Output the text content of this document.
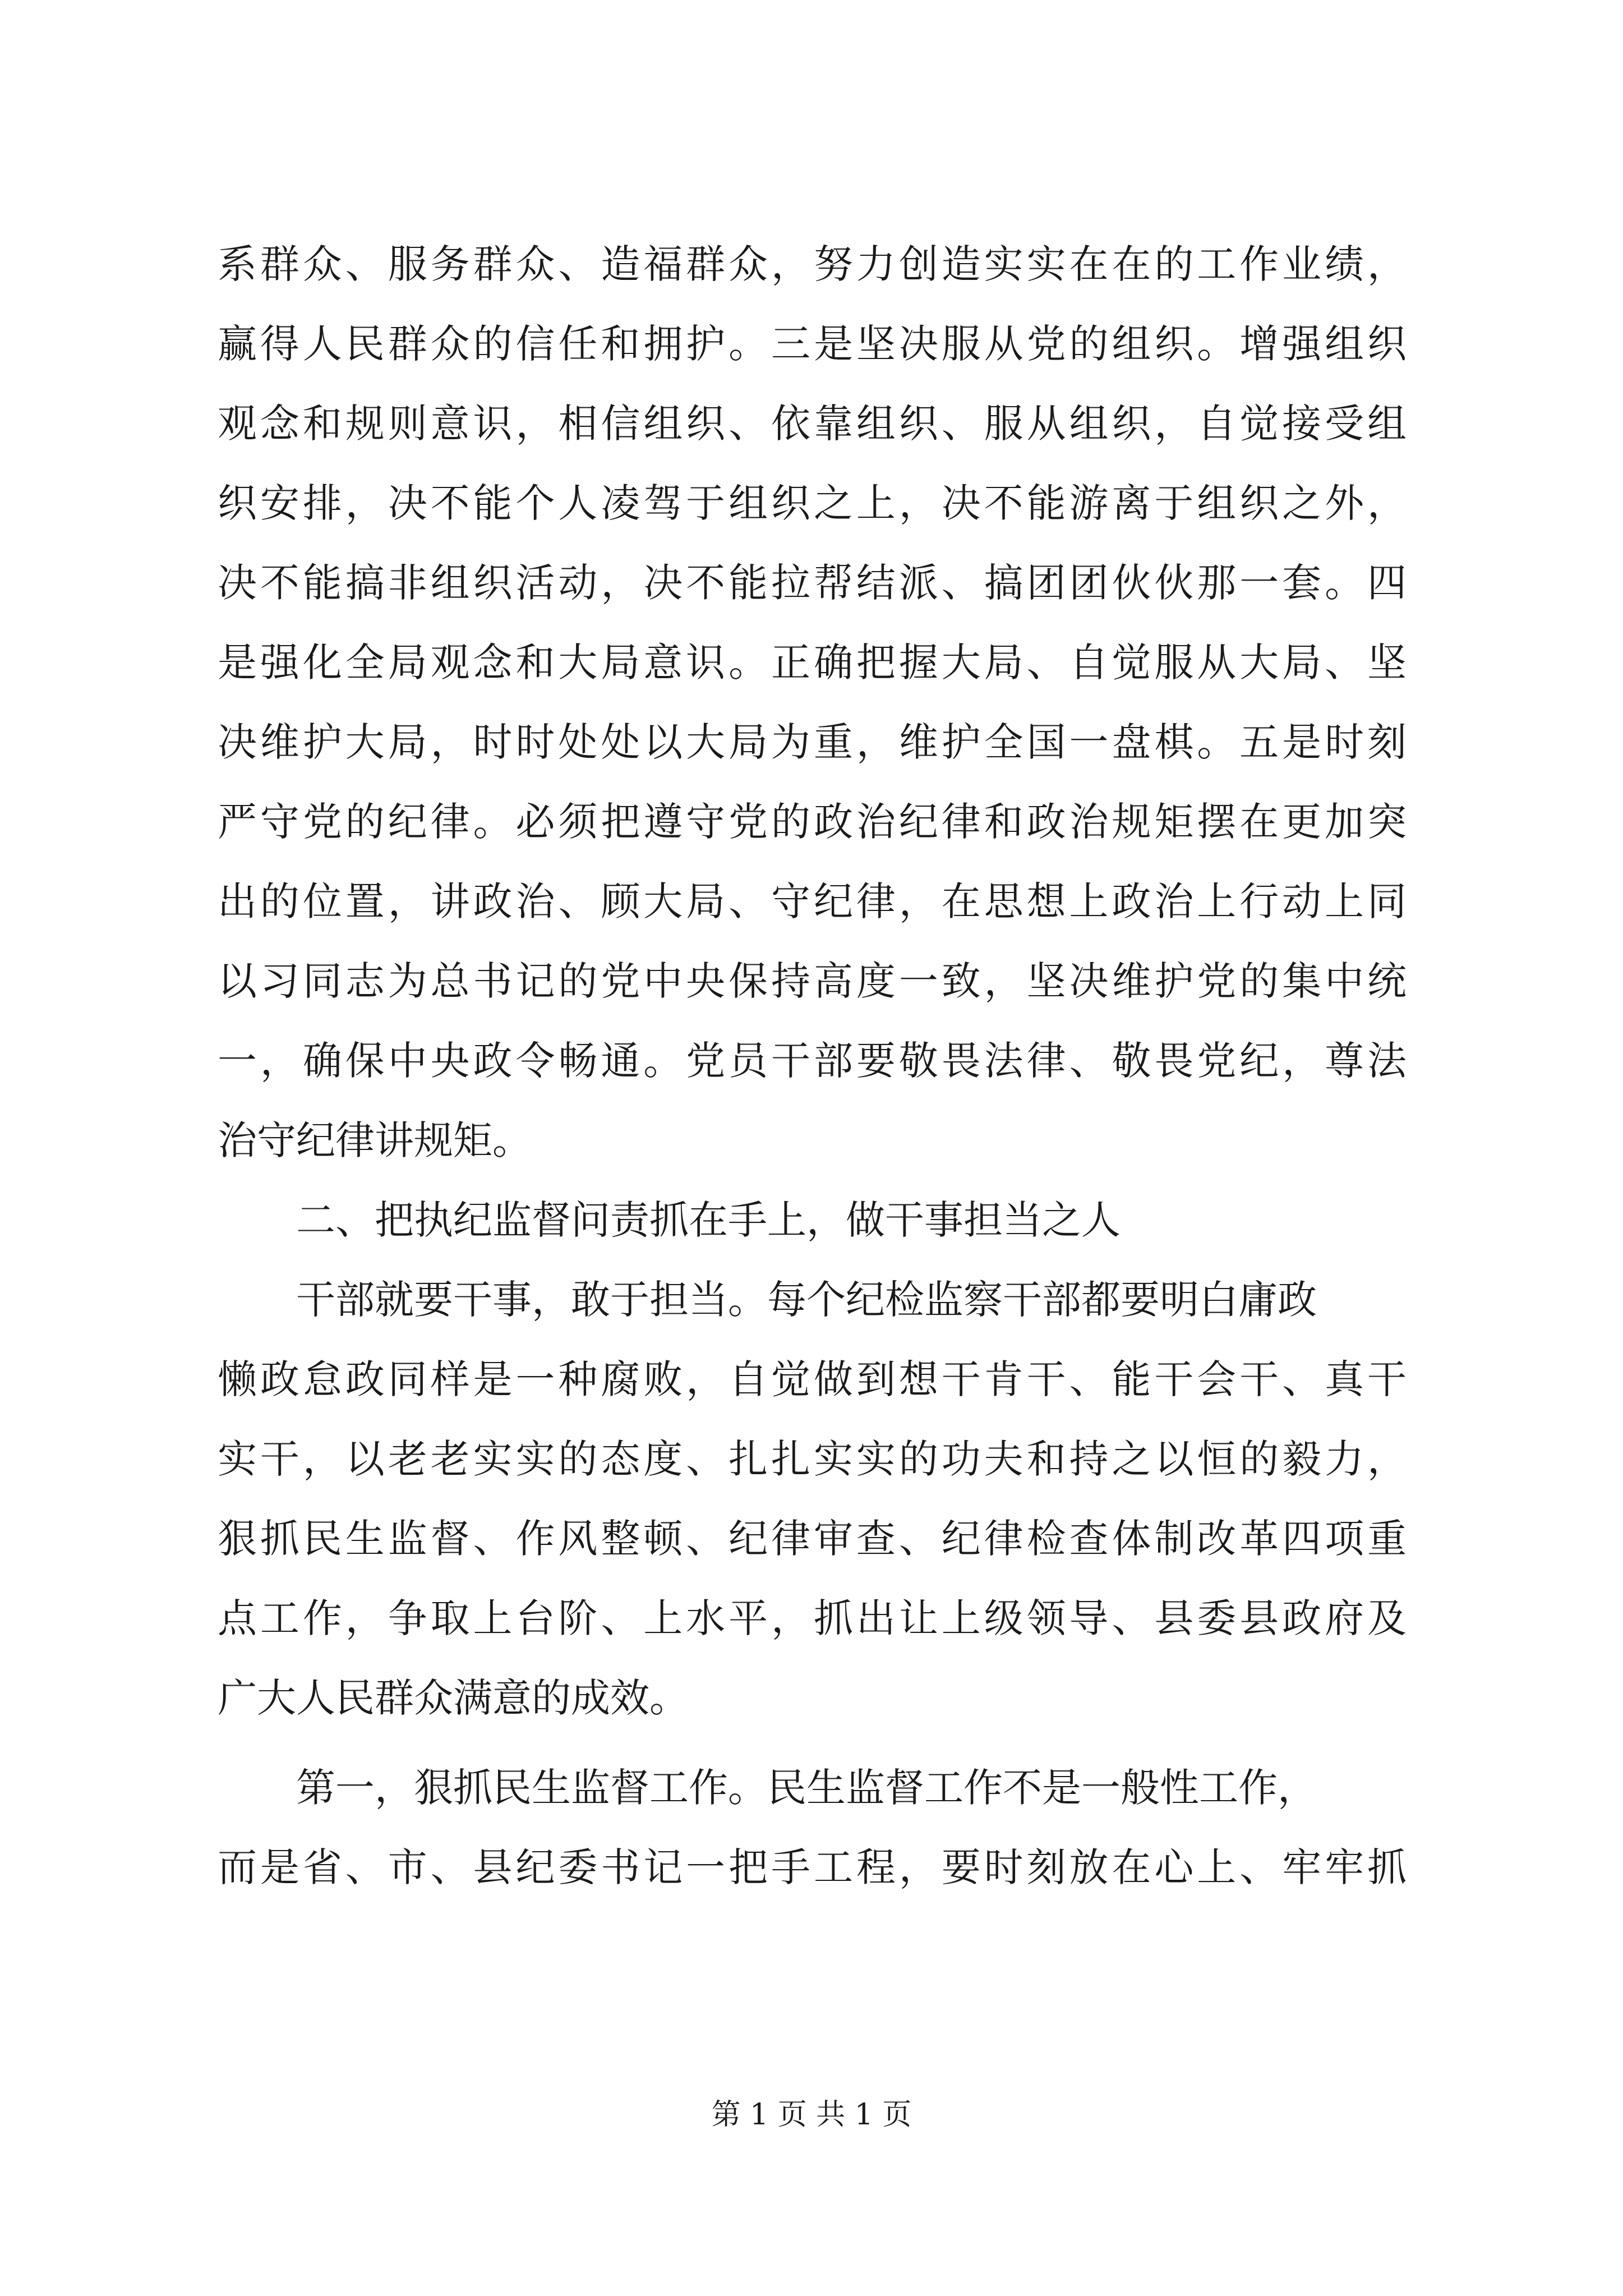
系群众、服务群众、造福群众，努力创造实实在在的工作业绩，
赢得人民群众的信任和拥护。三是坚决服从党的组织。增强组织
观念和规则意识，相信组织、依靠组织、服从组织，自觉接受组
织安排，决不能个人凌驾于组织之上，决不能游离于组织之外，
决不能搞非组织活动，决不能拉帮结派、搞团团伙伙那一套。四
是强化全局观念和大局意识。正确把握大局、自觉服从大局、坚
决维护大局，时时处处以大局为重，维护全国一盘棋。五是时刻
严守党的纪律。必须把遵守党的政治纪律和政治规矩摆在更加突
出的位置，讲政治、顾大局、守纪律，在思想上政治上行动上同
以习同志为总书记的党中央保持高度一致，坚决维护党的集中统
一，确保中央政令畅通。党员干部要敬畏法律、敬畏党纪，尊法
治守纪律讲规矩。
二、把执纪监督问责抓在手上，做干事担当之人
干部就要干事，敢于担当。每个纪检监察干部都要明白庸政
懒政怠政同样是一种腐败，自觉做到想干肯干、能干会干、真干
实干，以老老实实的态度、扎扎实实的功夫和持之以恒的毅力，
狠抓民生监督、作风整顿、纪律审查、纪律检查体制改革四项重
点工作，争取上台阶、上水平，抓出让上级领导、县委县政府及
广大人民群众满意的成效。
第一，狠抓民生监督工作。民生监督工作不是一般性工作，
而是省、市、县纪委书记一把手工程，要时刻放在心上、牢牢抓
第 1 页 共 1 页
